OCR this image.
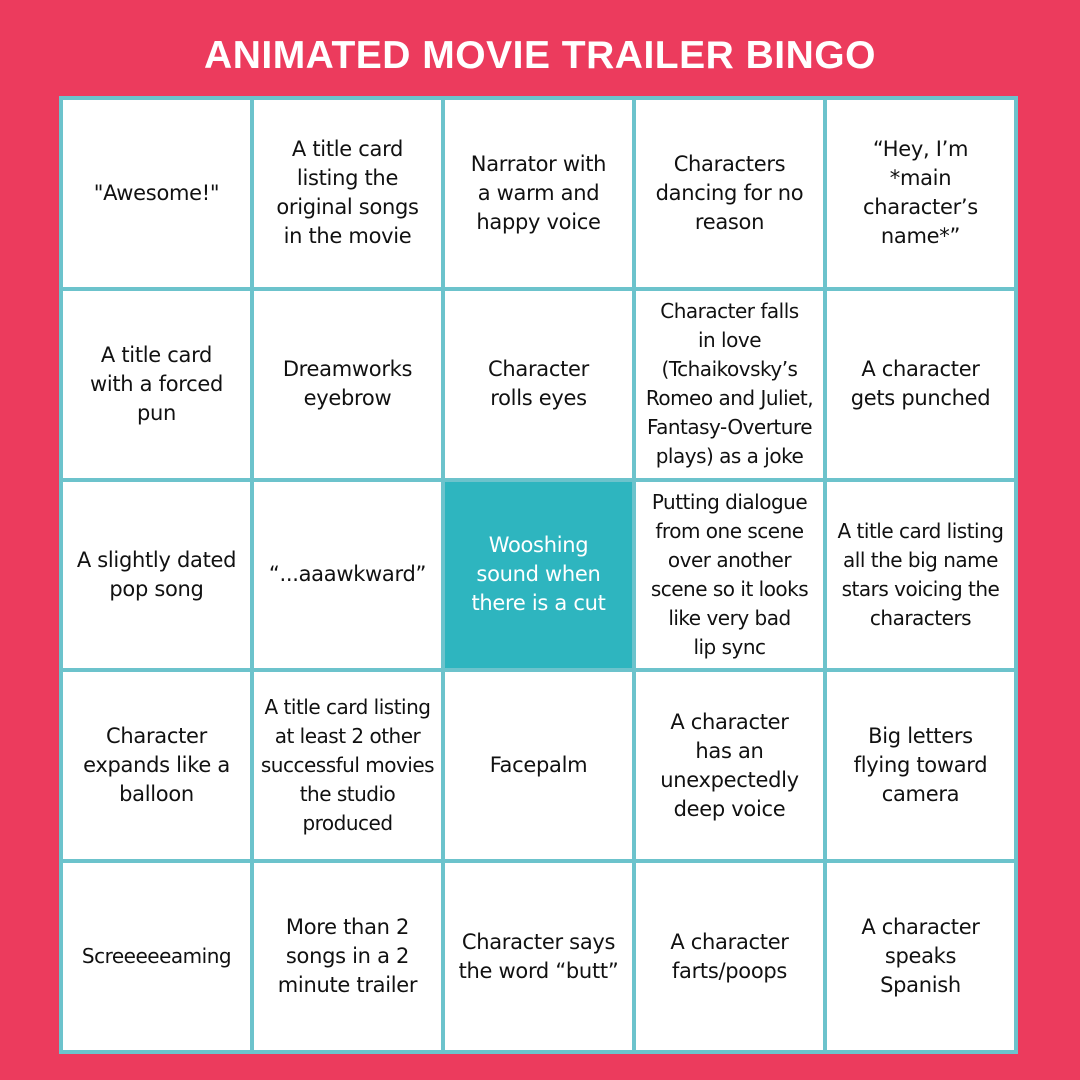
ANIMATED MOVIE TRAILER BINGO
"Awesome!"
A title card
listing the
original songs
in the movie
Narrator with
a warm and
happy voice
Characters
dancing for no
reason
“Hey, I’m
*main
character’s
name*”
A title card
with a forced
pun
Dreamworks
eyebrow
Character
rolls eyes
Character falls
in love
(Tchaikovsky’s
Romeo and Juliet,
Fantasy-Overture
plays) as a joke
A character
gets punched
A slightly dated
pop song
“...aaawkward”
Wooshing
sound when
there is a cut
Putting dialogue
from one scene
over another
scene so it looks
like very bad
lip sync
A title card listing
all the big name
stars voicing the
characters
Character
expands like a
balloon
A title card listing
at least 2 other
successful movies
the studio
produced
Facepalm
A character
has an
unexpectedly
deep voice
Big letters
flying toward
camera
Screeeeeaming
More than 2
songs in a 2
minute trailer
Character says
the word “butt”
A character
farts/poops
A character
speaks
Spanish
